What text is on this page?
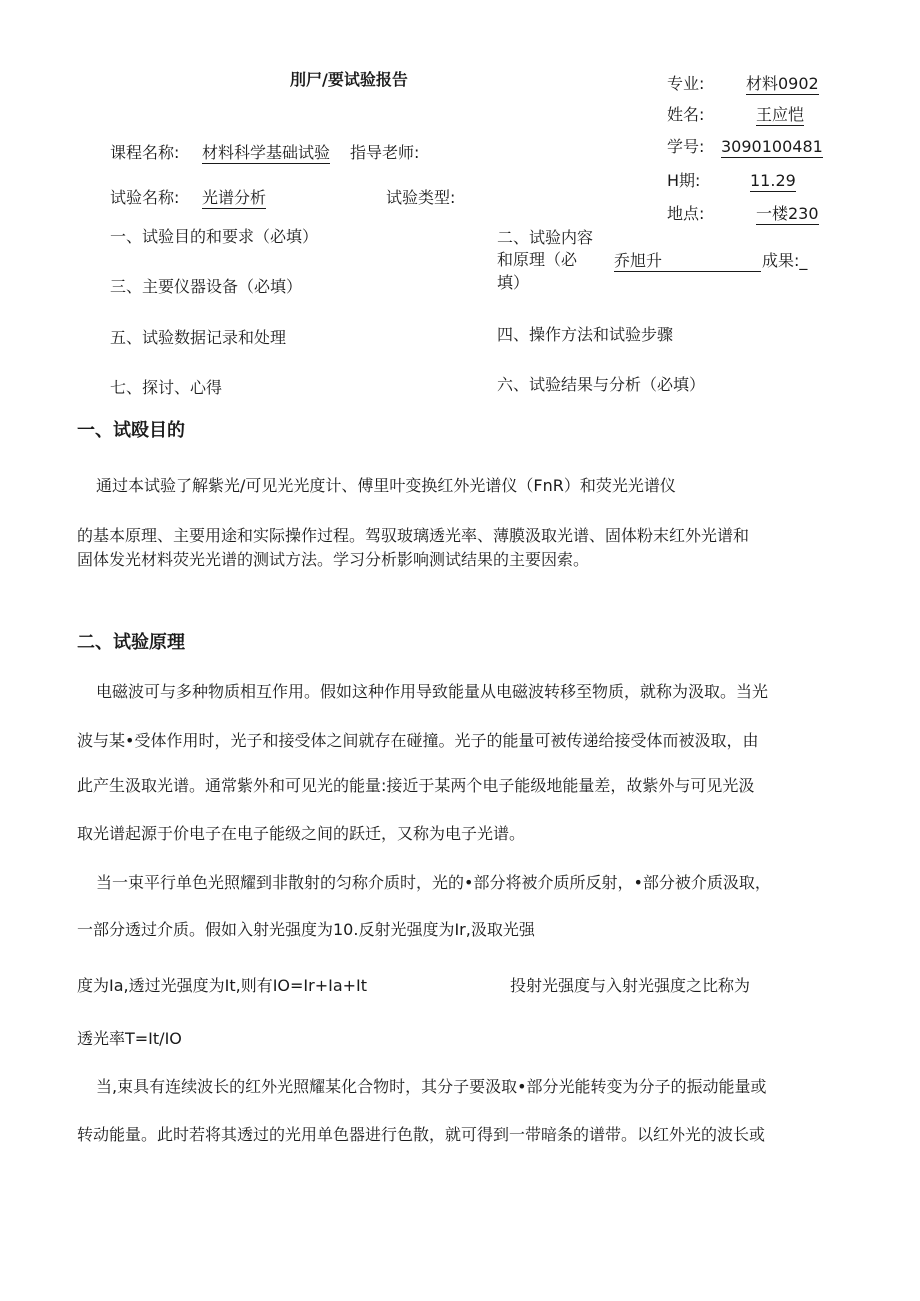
刖尸/要试验报告	专业:	材料0902
姓名:	王应恺
学号: 3090100481
H期:	11.29
地点:	一楼230
课程名称: 材料科学基础试验 指导老师:
试验名称: 光谱分析	试验类型:
一、试验目的和要求（必填）	二、试验内容
和原理（必
填）
乔旭升	成果:_
三、主要仪器设备（必填）
四、操作方法和试验步骤
五、试验数据记录和处理
六、试验结果与分析（必填）
七、探讨、心得
一、试殴目的
通过本试验了解紫光/可见光光度计、傅里叶变换红外光谱仪（FnR）和荧光光谱仪
的基本原理、主要用途和实际操作过程。驾驭玻璃透光率、薄膜汲取光谱、固体粉末红外光谱和
固体发光材料荧光光谱的测试方法。学习分析影响测试结果的主要因索。
二、试验原理
电磁波可与多种物质相互作用。假如这种作用导致能量从电磁波转移至物质，就称为汲取。当光
波与某•受体作用时，光子和接受体之间就存在碰撞。光子的能量可被传递给接受体而被汲取，由
此产生汲取光谱。通常紫外和可见光的能量:接近于某两个电子能级地能量差，故紫外与可见光汲
取光谱起源于价电子在电子能级之间的跃迁，又称为电子光谱。
当一束平行单色光照耀到非散射的匀称介质时，光的•部分将被介质所反射，•部分被介质汲取，
一部分透过介质。假如入射光强度为10.反射光强度为Ir,汲取光强
度为Ia,透过光强度为It,则有IO=Ir+Ia+It	投射光强度与入射光强度之比称为
透光率T=It/IO
当,束具有连续波长的红外光照耀某化合物时，其分子要汲取•部分光能转变为分子的振动能量或
转动能量。此时若将其透过的光用单色器进行色散，就可得到一带暗条的谱带。以红外光的波长或
